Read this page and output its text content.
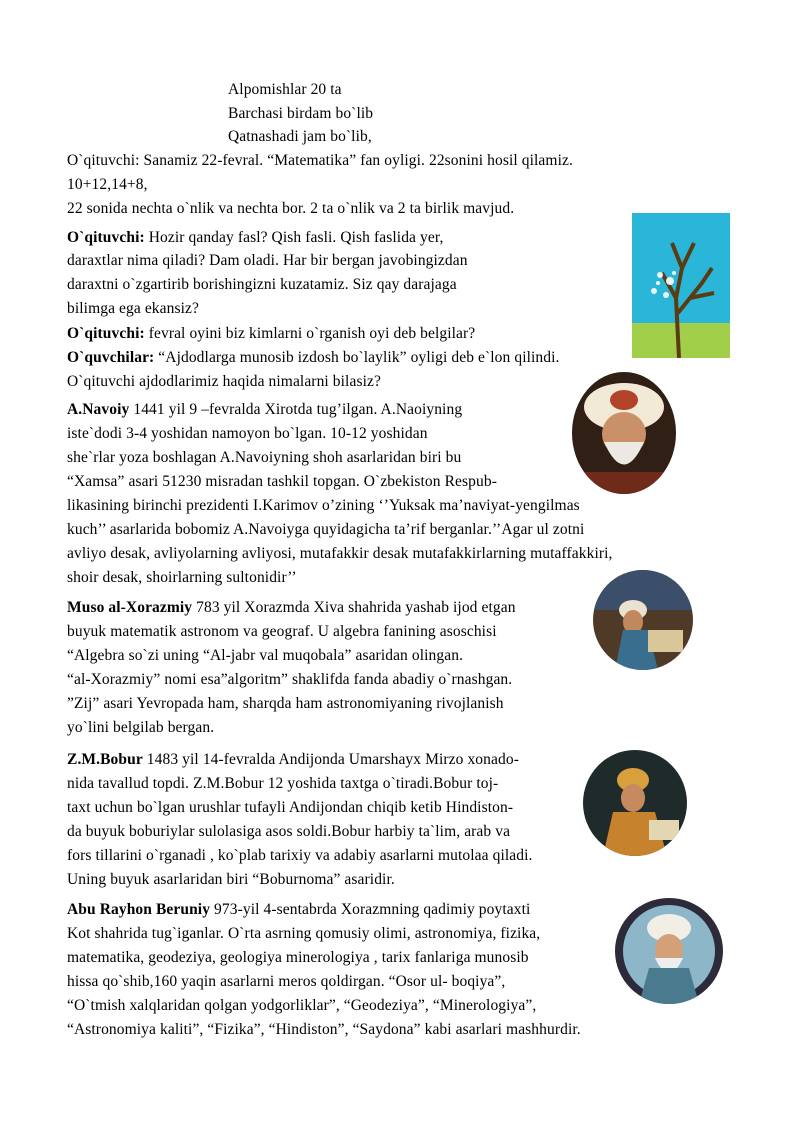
Alpomishlar 20 ta
Barchasi birdam bo`lib
Qatnashadi jam bo`lib,
O`qituvchi: Sanamiz 22-fevral. “Matematika” fan oyligi. 22sonini hosil qilamiz.
10+12,14+8,
22 sonida nechta o`nlik va nechta bor. 2 ta o`nlik va 2 ta birlik mavjud.
O`qituvchi: Hozir qanday fasl? Qish fasli. Qish faslida yer,
daraxtlar nima qiladi? Dam oladi. Har bir bergan javobingizdan
daraxtni o`zgartirib borishingizni kuzatamiz. Siz qay darajaga
bilimga ega ekansiz?
O`qituvchi: fevral oyini biz kimlarni o`rganish oyi deb belgilar?
O`quvchilar: “Ajdodlarga munosib izdosh bo`laylik” oyligi deb e`lon qilindi.
O`qituvchi ajdodlarimiz haqida nimalarni bilasiz?
A.Navoiy 1441 yil 9 –fevralda Xirotda tug’ilgan. A.Naoiyning
iste`dodi 3-4 yoshidan namoyon bo`lgan. 10-12 yoshidan
she`rlar yoza boshlagan A.Navoiyning shoh asarlaridan biri bu
“Xamsa” asari 51230 misradan tashkil topgan. O`zbekiston Respub-
likasining birinchi prezidenti I.Karimov o’zining ‘’Yuksak ma’naviyat-yengilmas
kuch’’ asarlarida bobomiz A.Navoiyga quyidagicha ta’rif berganlar.’’Agar ul zotni
avliyo desak, avliyolarning avliyosi, mutafakkir desak mutafakkirlarning mutaffakkiri,
shoir desak, shoirlarning sultonidir’’
Muso al-Xorazmiy 783 yil Xorazmda Xiva shahrida yashab ijod etgan
buyuk matematik astronom va geograf. U algebra fanining asoschisi
“Algebra so`zi uning “Al-jabr val muqobala” asaridan olingan.
“al-Xorazmiy” nomi esa”algoritm” shaklifda fanda abadiy o`rnashgan.
”Zij” asari Yevropada ham, sharqda ham astronomiyaning rivojlanish
yo`lini belgilab bergan.
Z.M.Bobur 1483 yil 14-fevralda Andijonda Umarshayx Mirzo xonado-
nida tavallud topdi. Z.M.Bobur 12 yoshida taxtga o`tiradi.Bobur toj-
taxt uchun bo`lgan urushlar tufayli Andijondan chiqib ketib Hindiston-
da buyuk boburiylar sulolasiga asos soldi.Bobur harbiy ta`lim, arab va
fors tillarini o`rganadi , ko`plab tarixiy va adabiy asarlarni mutolaa qiladi.
Uning buyuk asarlaridan biri “Boburnoma” asaridir.
Abu Rayhon Beruniy 973-yil 4-sentabrda Xorazmning qadimiy poytaxti
Kot shahrida tug`iganlar. O`rta asrning qomusiy olimi, astronomiya, fizika,
matematika, geodeziya, geologiya minerologiya , tarix fanlariga munosib
hissa qo`shib,160 yaqin asarlarni meros qoldirgan. “Osor ul- boqiya”,
“O`tmish xalqlaridan qolgan yodgorliklar”, “Geodeziya”, “Minerologiya”,
“Astronomiya kaliti”, “Fizika”, “Hindiston”, “Saydona” kabi asarlari mashhurdir.
